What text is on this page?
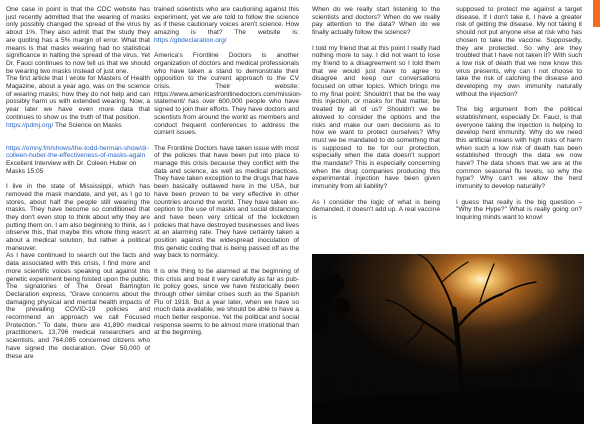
One case in point is that the CDC website has just recently admitted that the wearing of masks only possibly changed the spread of the virus by about 1%. They also admit that the study they are quoting has a 5% margin of error. What that means is that masks wearing had no statistical significance in halting the spread of the virus. Yet Dr. Fauci continues to now tell us that we should be wearing two masks instead of just one.

The first article that I wrote for Masters of Health Magazine, about a year ago, was on the science of wearing masks; how they do not help and can possibly harm us with extended wearing. Now, a year later we have even more data that continues to show us the truth of that position.

https://pdmj.org/ The Science on Masks

https://omny.fm/shows/the-todd-herman-show/dr-colleen-huber-the-effectiveness-of-masks-again

Excellent Interview with Dr. Coleen Huber on Masks 15:05

I live in the state of Mississippi, which has removed the mask mandate, and yet, as I go to stores, about half the people still wearing the masks. They have become so conditioned that they don't even stop to think about why they are putting them on. I am also beginning to think, as I observe this, that maybe this whole thing wasn't about a medical solution, but rather a political maneuver.

As I have continued to search out the facts and data associated with this crisis, I find more and more scientific voices speaking out against this genetic experiment being foisted upon the public. The signatories of The Great Barrington Declaration express, "Grave concerns about the damaging physical and mental health impacts of the prevailing COVID-19 policies and recommend an approach we call Focused Protection." To date, there are 41,890 medical practitioners, 13,796 medical researchers and scientists, and 764,085 concerned citizens who have signed the declaration. Over 50,000 of these are

trained scientists who are cautioning against this experiment, yet we are told to follow the science as if these cautionary voices aren't science. How amazing is that? The website is: https://gbdeclaration.org/

America's Frontline Doctors is another organization of doctors and medical professionals who have taken a stand to demonstrate their opposition to the current approach to the CV crisis. Their website: https://www.americasfrontlinedoctors.com/mission-statement/ has over 600,000 people who have signed to join their efforts. They have doctors and scientists from around the world as members and conduct frequent conferences to address the current issues.

The Frontline Doctors have taken issue with most of the policies that have been put into place to manage this crisis because they conflict with the data and science, as well as medical practices. They have taken exception to the drugs that have been basically outlawed here in the USA, but have been proven to be very effective in other countries around the world. They have taken ex-ception to the use of masks and social distancing and have been very critical of the lockdown policies that have destroyed businesses and lives at an alarming rate. They have certainly taken a position against the widespread inoculation of this genetic coding that is being passed off as the way back to normalcy.

It is one thing to be alarmed at the beginning of this crisis and treat it very carefully as far as pub-lic policy goes, since we have historically been through other similar crises such as the Spanish Flu of 1918. But a year later, when we have so much data available, we should be able to have a much better response. Yet the political and social response seems to be almost more irrational than at the beginning.

When do we really start listening to the scientists and doctors? When do we really pay attention to the data? When do we finally actually follow the science?

I told my friend that at this point I really had nothing more to say. I did not want to lose my friend to a disagreement so I told them that we would just have to agree to disagree and keep our conversations focused on other topics. Which brings me to my final point: Shouldn't that be the way this injection, or masks for that matter, be treated by all of us? Shouldn't we be allowed to consider the options and the risks and make our own decisions as to how we want to protect ourselves? Why must we be mandated to do something that is supposed to be for our protection, especially when the data doesn't support the mandate? This is especially concerning when the drug companies producing this experimental injection have been given immunity from all liability?

As I consider the logic of what is being demanded, it doesn't add up. A real vaccine is

supposed to protect me against a target disease. If I don't take it, I have a greater risk of getting the disease. My not taking it should not put anyone else at risk who has chosen to take the vaccine. Supposedly, they are protected. So why are they troubled that I have not taken it? With such a low risk of death that we now know this virus presents, why can I not choose to take the risk of catching the disease and developing my own immunity naturally without the injection?

The big argument from the political establishment, especially Dr. Fauci, is that everyone taking the injection is helping to develop herd immunity. Why do we need this artificial means with high risks of harm when such a low risk of death has been established through the data we now have? The data shows that we are at the common seasonal flu levels, so why the hype? Why can't we allow the herd immunity to develop naturally?

I guess that really is the big question – "Why the Hype?" What is really going on? Inquiring minds want to know!
